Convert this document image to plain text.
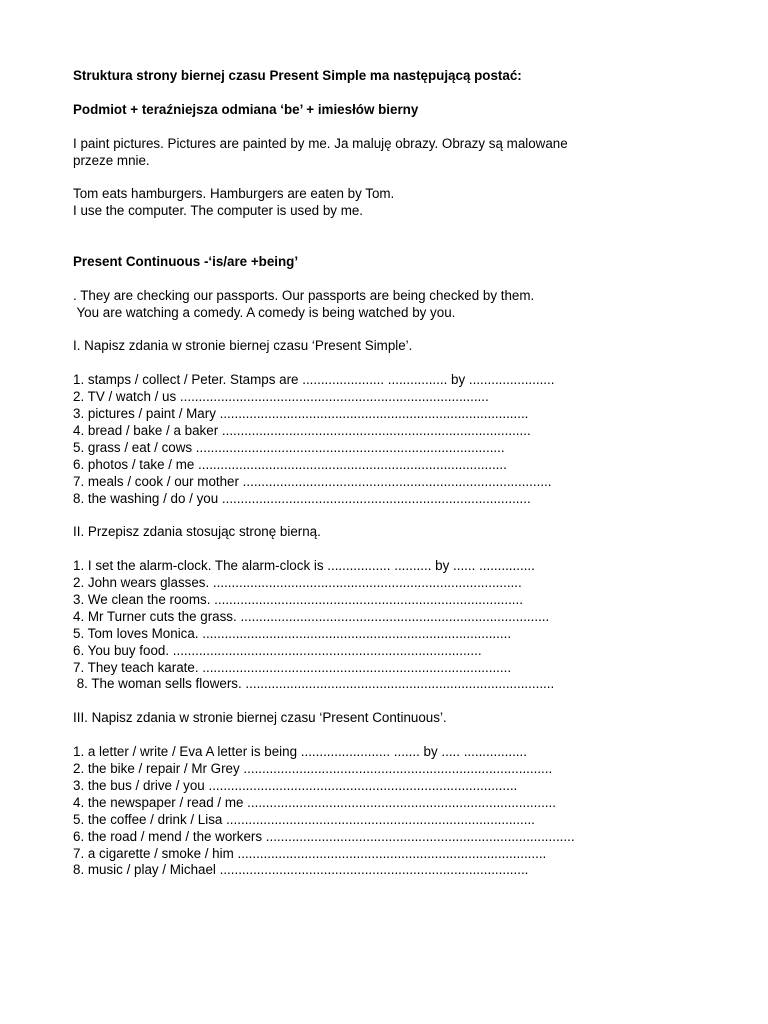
Struktura strony biernej czasu Present Simple ma następującą postać:

Podmiot + teraźniejsza odmiana ‘be’ + imiesłów bierny

I paint pictures. Pictures are painted by me. Ja maluję obrazy. Obrazy są malowane

przeze mnie.

Tom eats hamburgers. Hamburgers are eaten by Tom.

I use the computer. The computer is used by me.

Present Continuous -‘is/are +being’

. They are checking our passports. Our passports are being checked by them.

You are watching a comedy. A comedy is being watched by you.

I. Napisz zdania w stronie biernej czasu ‘Present Simple’.

1. stamps / collect / Peter. Stamps are ...................... ................ by .......................

2. TV / watch / us ...................................................................................

3. pictures / paint / Mary ...................................................................................

4. bread / bake / a baker ...................................................................................

5. grass / eat / cows ...................................................................................

6. photos / take / me ...................................................................................

7. meals / cook / our mother ...................................................................................

8. the washing / do / you ...................................................................................

II. Przepisz zdania stosując stronę bierną.

1. I set the alarm-clock. The alarm-clock is ................. .......... by ...... ...............

2. John wears glasses. ...................................................................................

3. We clean the rooms. ...................................................................................

4. Mr Turner cuts the grass. ...................................................................................

5. Tom loves Monica. ...................................................................................

6. You buy food. ...................................................................................

7. They teach karate. ...................................................................................

8. The woman sells flowers. ...................................................................................

III. Napisz zdania w stronie biernej czasu ‘Present Continuous’.

1. a letter / write / Eva A letter is being ........................ ....... by ..... .................

2. the bike / repair / Mr Grey ...................................................................................

3. the bus / drive / you ...................................................................................

4. the newspaper / read / me ...................................................................................

5. the coffee / drink / Lisa ...................................................................................

6. the road / mend / the workers ...................................................................................

7. a cigarette / smoke / him ...................................................................................

8. music / play / Michael ...................................................................................
